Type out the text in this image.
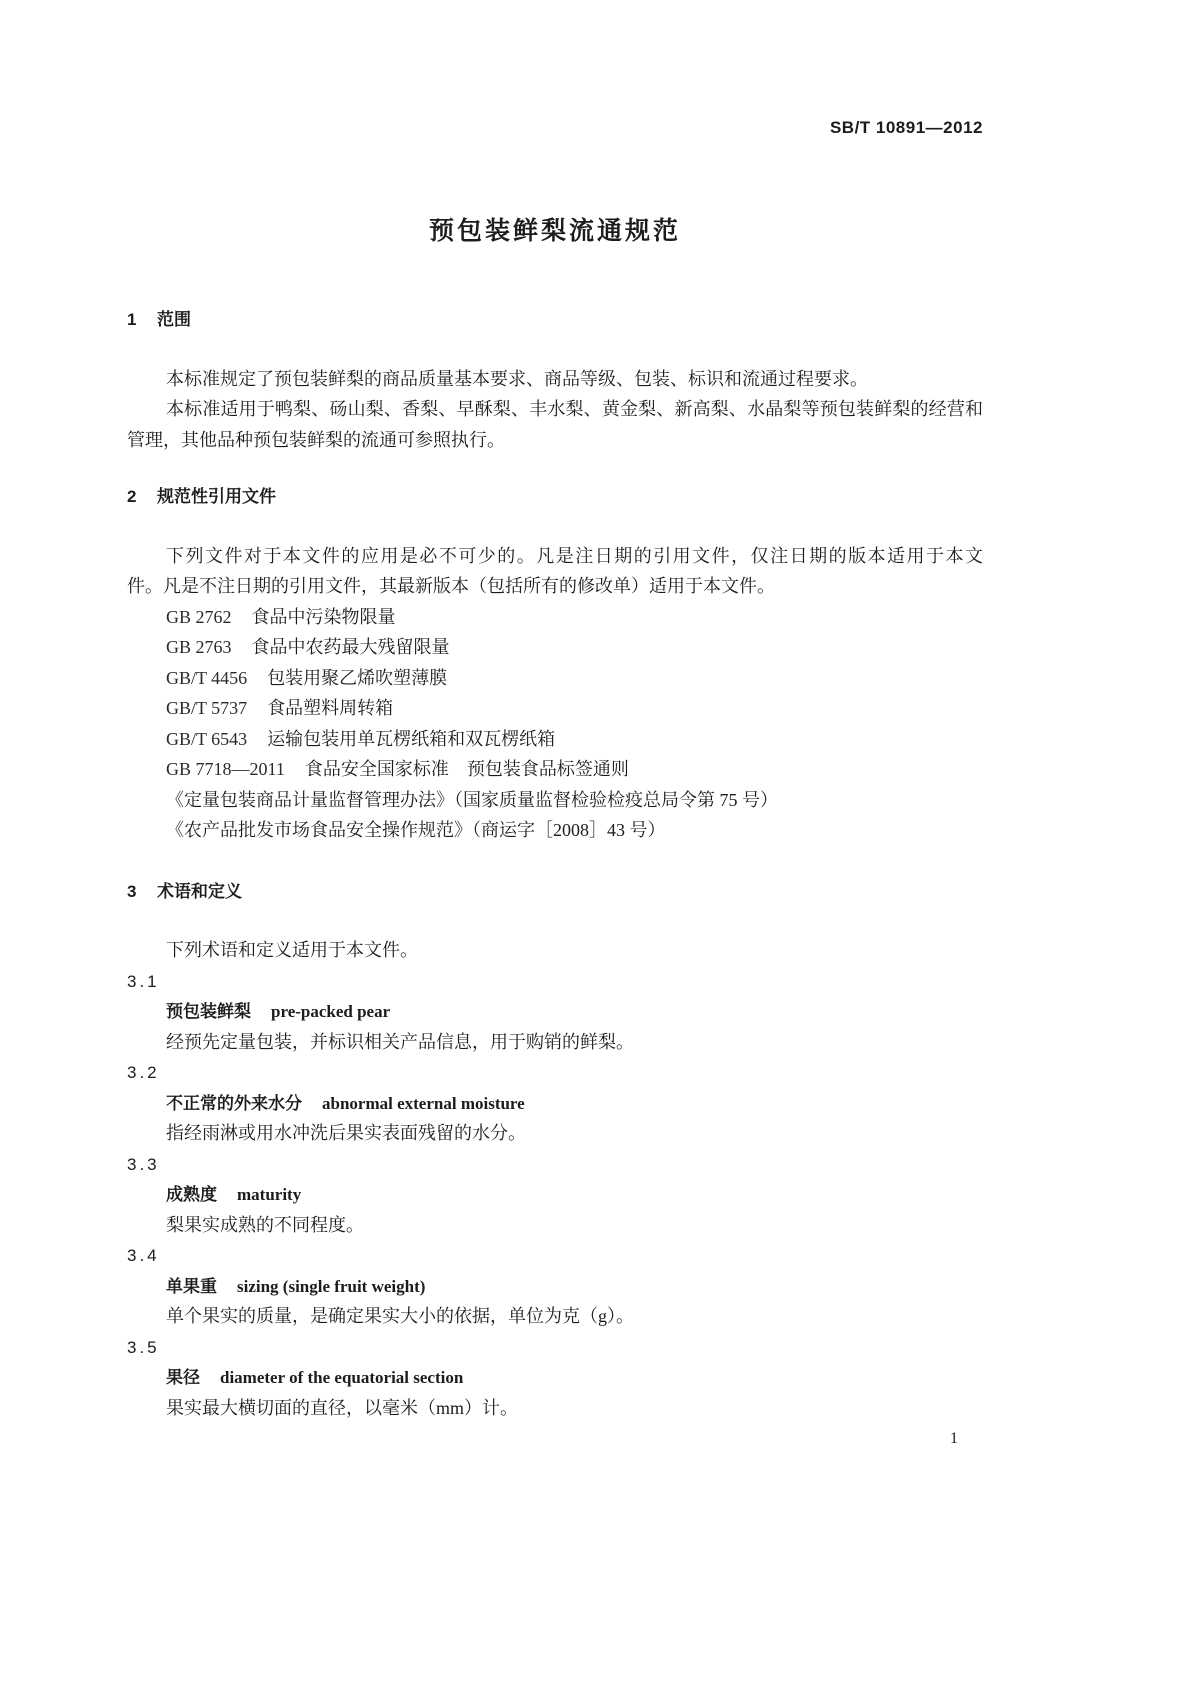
SB/T 10891—2012
预包装鲜梨流通规范
1 范围
本标准规定了预包装鲜梨的商品质量基本要求、商品等级、包装、标识和流通过程要求。
本标准适用于鸭梨、砀山梨、香梨、早酥梨、丰水梨、黄金梨、新高梨、水晶梨等预包装鲜梨的经营和
管理，其他品种预包装鲜梨的流通可参照执行。
2 规范性引用文件
下列文件对于本文件的应用是必不可少的。凡是注日期的引用文件，仅注日期的版本适用于本文
件。凡是不注日期的引用文件，其最新版本（包括所有的修改单）适用于本文件。
GB 2762 食品中污染物限量
GB 2763 食品中农药最大残留限量
GB/T 4456 包装用聚乙烯吹塑薄膜
GB/T 5737 食品塑料周转箱
GB/T 6543 运输包装用单瓦楞纸箱和双瓦楞纸箱
GB 7718—2011 食品安全国家标准　预包装食品标签通则
《定量包装商品计量监督管理办法》（国家质量监督检验检疫总局令第 75 号）
《农产品批发市场食品安全操作规范》（商运字［2008］43 号）
3 术语和定义
下列术语和定义适用于本文件。
3.1
预包装鲜梨 pre-packed pear
经预先定量包装，并标识相关产品信息，用于购销的鲜梨。
3.2
不正常的外来水分 abnormal external moisture
指经雨淋或用水冲洗后果实表面残留的水分。
3.3
成熟度 maturity
梨果实成熟的不同程度。
3.4
单果重 sizing (single fruit weight)
单个果实的质量，是确定果实大小的依据，单位为克（g）。
3.5
果径 diameter of the equatorial section
果实最大横切面的直径，以毫米（mm）计。
1
